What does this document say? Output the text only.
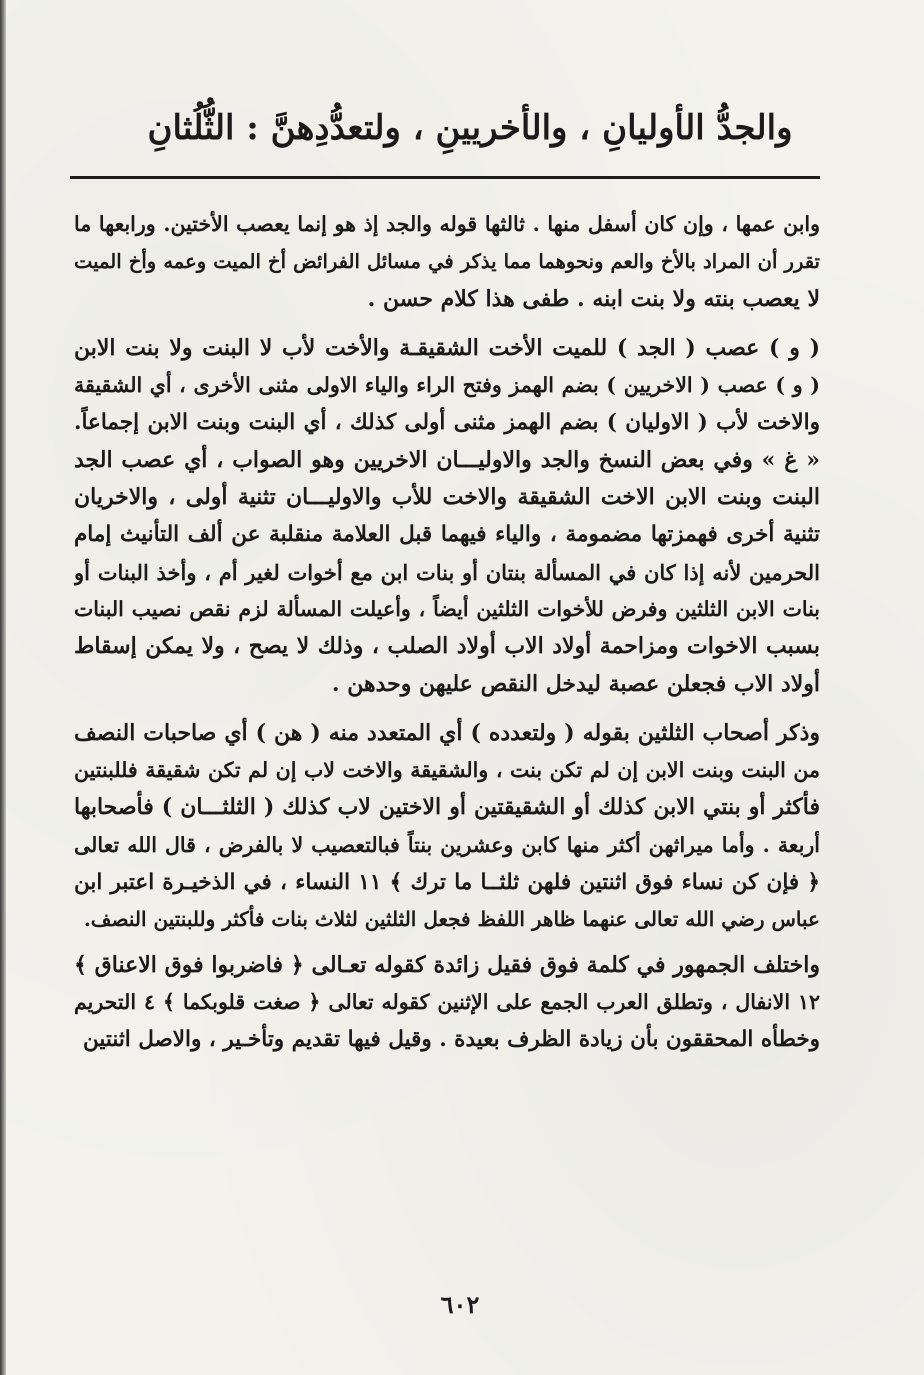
والجدُّ الأوليانِ ، والأخريينِ ، ولتعدُّدِهنَّ : الثُّلُثانِ
وابن عمها ، وإن كان أسفل منها . ثالثها قوله والجد إذ هو إنما يعصب الأختين. ورابعها ما
تقرر أن المراد بالأخ والعم ونحوهما مما يذكر في مسائل الفرائض أخ الميت وعمه وأخ الميت
لا يعصب بنته ولا بنت ابنه . طفى هذا كلام حسن .
( و ) عصب ( الجد ) للميت الأخت الشقيقـة والأخت لأب لا البنت ولا بنت الابن
( و ) عصب ( الاخريين ) بضم الهمز وفتح الراء والياء الاولى مثنى الأخرى ، أي الشقيقة
والاخت لأب ( الاوليان ) بضم الهمز مثنى أولى كذلك ، أي البنت وبنت الابن إجماعاً.
« غ » وفي بعض النسخ والجد والاوليـــان الاخريين وهو الصواب ، أي عصب الجد
البنت وبنت الابن الاخت الشقيقة والاخت للأب والاوليـــان تثنية أولى ، والاخريان
تثنية أخرى فهمزتها مضمومة ، والياء فيهما قبل العلامة منقلبة عن ألف التأنيث إمام
الحرمين لأنه إذا كان في المسألة بنتان أو بنات ابن مع أخوات لغير أم ، وأخذ البنات أو
بنات الابن الثلثين وفرض للأخوات الثلثين أيضاً ، وأعيلت المسألة لزم نقص نصيب البنات
بسبب الاخوات ومزاحمة أولاد الاب أولاد الصلب ، وذلك لا يصح ، ولا يمكن إسقاط
أولاد الاب فجعلن عصبة ليدخل النقص عليهن وحدهن .
وذكر أصحاب الثلثين بقوله ( ولتعدده ) أي المتعدد منه ( هن ) أي صاحبات النصف
من البنت وبنت الابن إن لم تكن بنت ، والشقيقة والاخت لاب إن لم تكن شقيقة فللبنتين
فأكثر أو بنتي الابن كذلك أو الشقيقتين أو الاختين لاب كذلك ( الثلثـــان ) فأصحابها
أربعة . وأما ميراثهن أكثر منها كابن وعشرين بنتاً فبالتعصيب لا بالفرض ، قال الله تعالى
﴿ فإن كن نساء فوق اثنتين فلهن ثلثــا ما ترك ﴾ ١١ النساء ، في الذخيـرة اعتبر ابن
عباس رضي الله تعالى عنهما ظاهر اللفظ فجعل الثلثين لثلاث بنات فأكثر وللبنتين النصف.
واختلف الجمهور في كلمة فوق فقيل زائدة كقوله تعـالى ﴿ فاضربوا فوق الاعناق ﴾
١٢ الانفال ، وتطلق العرب الجمع على الإثنين كقوله تعالى ﴿ صغت قلوبكما ﴾ ٤ التحريم
وخطأه المحققون بأن زيادة الظرف بعيدة . وقيل فيها تقديم وتأخـير ، والاصل اثنتين
٦٠٢
